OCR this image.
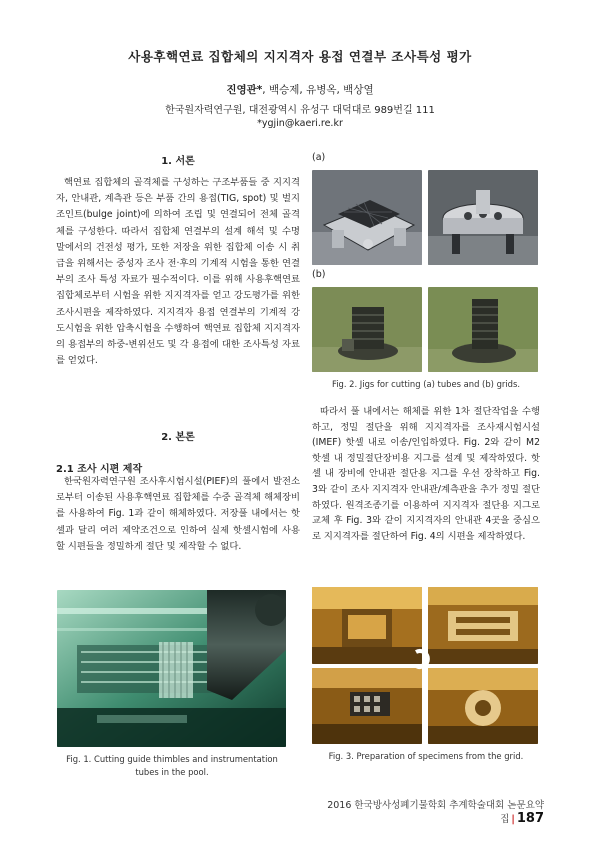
사용후핵연료 집합체의 지지격자 용접 연결부 조사특성 평가
진영관*, 백승제, 유병옥, 백상열
한국원자력연구원, 대전광역시 유성구 대덕대로 989번길 111
*ygjin@kaeri.re.kr
1. 서론
핵연료 집합체의 골격체를 구성하는 구조부품들 중 지지격자, 안내관, 계측관 등은 부품 간의 용접(TIG, spot) 및 벌지 조인트(bulge joint)에 의하여 조립 및 연결되어 전체 골격체를 구성한다. 따라서 집합체 연결부의 설계 해석 및 수명 말에서의 건전성 평가, 또한 저장을 위한 집합체 이송 시 취급을 위해서는 중성자 조사 전·후의 기계적 시험을 통한 연결부의 조사 특성 자료가 필수적이다. 이를 위해 사용후핵연료 집합체로부터 시험을 위한 지지격자를 얻고 강도평가를 위한 조사시편을 제작하였다. 지지격자 용접 연결부의 기계적 강도시험을 위한 압축시험을 수행하여 핵연료 집합체 지지격자의 용접부의 하중-변위선도 및 각 용접에 대한 조사특성 자료를 얻었다.
2. 본론
2.1 조사 시편 제작
한국원자력연구원 조사후시험시설(PIEF)의 풀에서 발전소로부터 이송된 사용후핵연료 집합체를 수중 골격체 해체장비를 사용하여 Fig. 1과 같이 해체하였다. 저장풀 내에서는 핫셀과 달리 여러 제약조건으로 인하여 실제 핫셀시험에 사용할 시편들을 정밀하게 절단 및 제작할 수 없다.
Fig. 1. Cutting guide thimbles and instrumentation tubes in the pool.
(a)
(b)
Fig. 2. Jigs for cutting (a) tubes and (b) grids.
따라서 풀 내에서는 해체를 위한 1차 절단작업을 수행하고, 정밀 절단을 위해 지지격자를 조사재시험시설(IMEF) 핫셀 내로 이송/인입하였다. Fig. 2와 같이 M2 핫셀 내 정밀절단장비용 지그를 설계 및 제작하였다. 핫셀 내 장비에 안내관 절단용 지그를 우선 장착하고 Fig. 3와 같이 조사 지지격자 안내관/계측관을 추가 정밀 절단하였다. 원격조종기를 이용하여 지지격자 절단용 지그로 교체 후 Fig. 3와 같이 지지격자의 안내관 4곳을 중심으로 지지격자를 절단하여 Fig. 4의 시편을 제작하였다.
Fig. 3. Preparation of specimens from the grid.
2016 한국방사성폐기물학회 추계학술대회 논문요약집 | 187
